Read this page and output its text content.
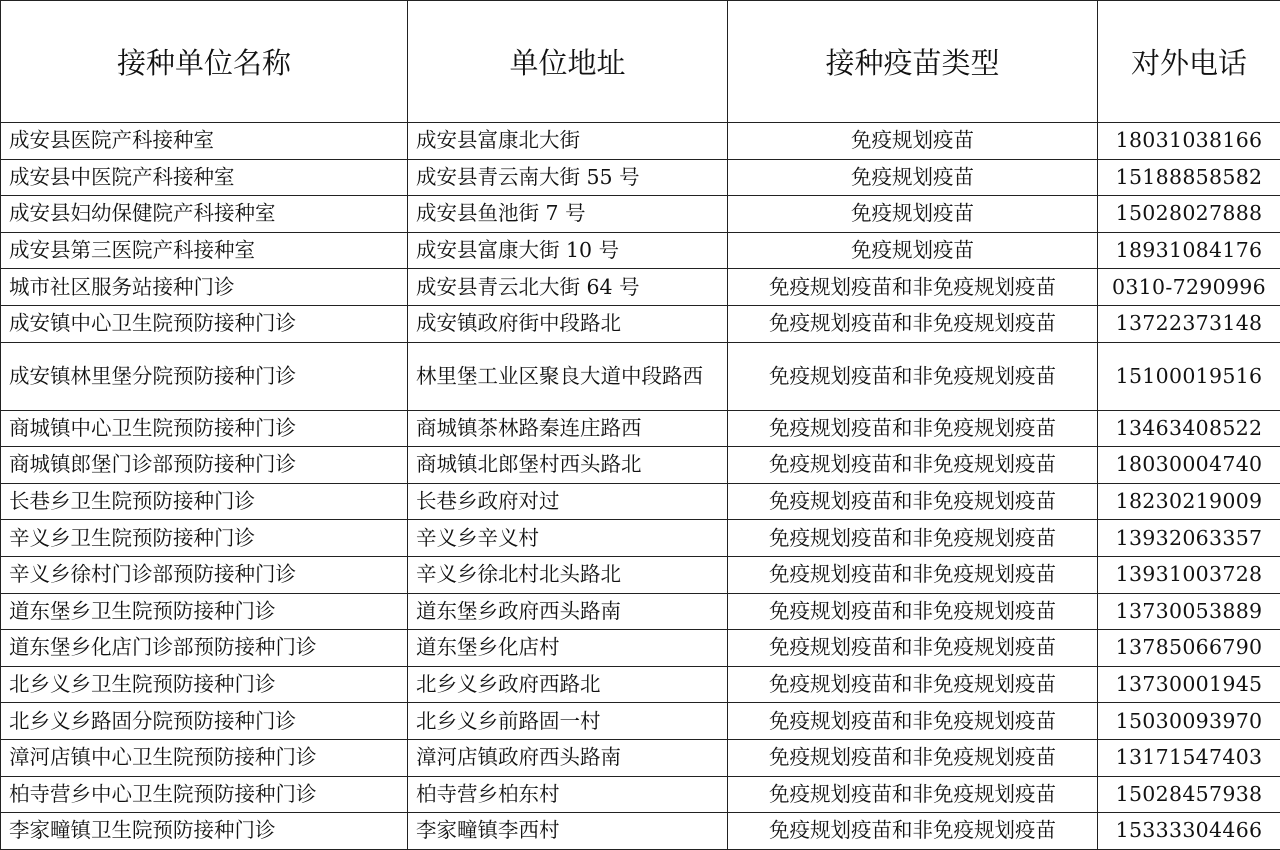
接种单位名称	单位地址	接种疫苗类型	对外电话
成安县医院产科接种室	成安县富康北大街	免疫规划疫苗	18031038166
成安县中医院产科接种室	成安县青云南大街 55 号	免疫规划疫苗	15188858582
成安县妇幼保健院产科接种室	成安县鱼池街 7 号	免疫规划疫苗	15028027888
成安县第三医院产科接种室	成安县富康大街 10 号	免疫规划疫苗	18931084176
城市社区服务站接种门诊	成安县青云北大街 64 号	免疫规划疫苗和非免疫规划疫苗	0310-7290996
成安镇中心卫生院预防接种门诊	成安镇政府街中段路北	免疫规划疫苗和非免疫规划疫苗	13722373148
成安镇林里堡分院预防接种门诊	林里堡工业区聚良大道中段路西	免疫规划疫苗和非免疫规划疫苗	15100019516
商城镇中心卫生院预防接种门诊	商城镇茶林路秦连庄路西	免疫规划疫苗和非免疫规划疫苗	13463408522
商城镇郎堡门诊部预防接种门诊	商城镇北郎堡村西头路北	免疫规划疫苗和非免疫规划疫苗	18030004740
长巷乡卫生院预防接种门诊	长巷乡政府对过	免疫规划疫苗和非免疫规划疫苗	18230219009
辛义乡卫生院预防接种门诊	辛义乡辛义村	免疫规划疫苗和非免疫规划疫苗	13932063357
辛义乡徐村门诊部预防接种门诊	辛义乡徐北村北头路北	免疫规划疫苗和非免疫规划疫苗	13931003728
道东堡乡卫生院预防接种门诊	道东堡乡政府西头路南	免疫规划疫苗和非免疫规划疫苗	13730053889
道东堡乡化店门诊部预防接种门诊	道东堡乡化店村	免疫规划疫苗和非免疫规划疫苗	13785066790
北乡义乡卫生院预防接种门诊	北乡义乡政府西路北	免疫规划疫苗和非免疫规划疫苗	13730001945
北乡义乡路固分院预防接种门诊	北乡义乡前路固一村	免疫规划疫苗和非免疫规划疫苗	15030093970
漳河店镇中心卫生院预防接种门诊	漳河店镇政府西头路南	免疫规划疫苗和非免疫规划疫苗	13171547403
柏寺营乡中心卫生院预防接种门诊	柏寺营乡柏东村	免疫规划疫苗和非免疫规划疫苗	15028457938
李家疃镇卫生院预防接种门诊	李家疃镇李西村	免疫规划疫苗和非免疫规划疫苗	15333304466
